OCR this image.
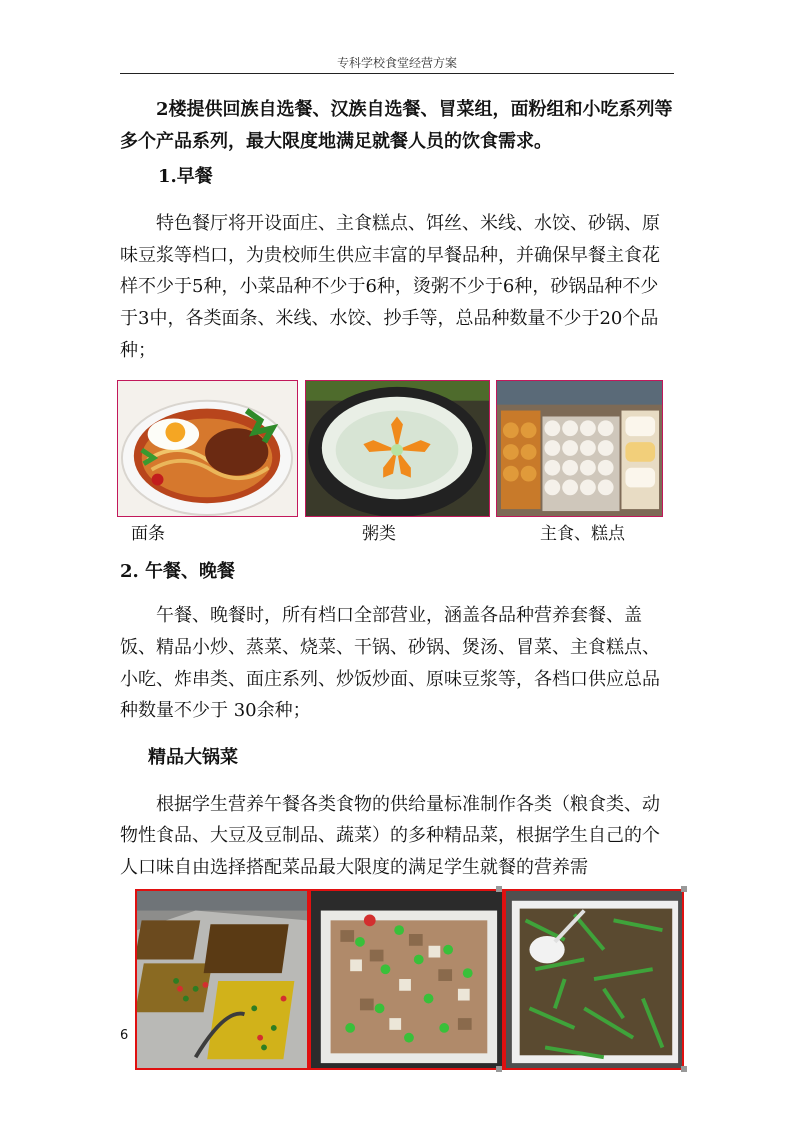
专科学校食堂经营方案

2楼提供回族自选餐、汉族自选餐、冒菜组，面粉组和小吃系列等多个产品系列，最大限度地满足就餐人员的饮食需求。

1.早餐

特色餐厅将开设面庄、主食糕点、饵丝、米线、水饺、砂锅、原味豆浆等档口，为贵校师生供应丰富的早餐品种，并确保早餐主食花样不少于5种，小菜品种不少于6种，烫粥不少于6种，砂锅品种不少于3中，各类面条、米线、水饺、抄手等，总品种数量不少于20个品种；

面条	粥类	主食、糕点

2. 午餐、晚餐

午餐、晚餐时，所有档口全部营业，涵盖各品种营养套餐、盖饭、精品小炒、蒸菜、烧菜、干锅、砂锅、煲汤、冒菜、主食糕点、小吃、炸串类、面庄系列、炒饭炒面、原味豆浆等，各档口供应总品种数量不少于 30余种；

精品大锅菜

根据学生营养午餐各类食物的供给量标准制作各类（粮食类、动物性食品、大豆及豆制品、蔬菜）的多种精品菜，根据学生自己的个人口味自由选择搭配菜品最大限度的满足学生就餐的营养需

6
